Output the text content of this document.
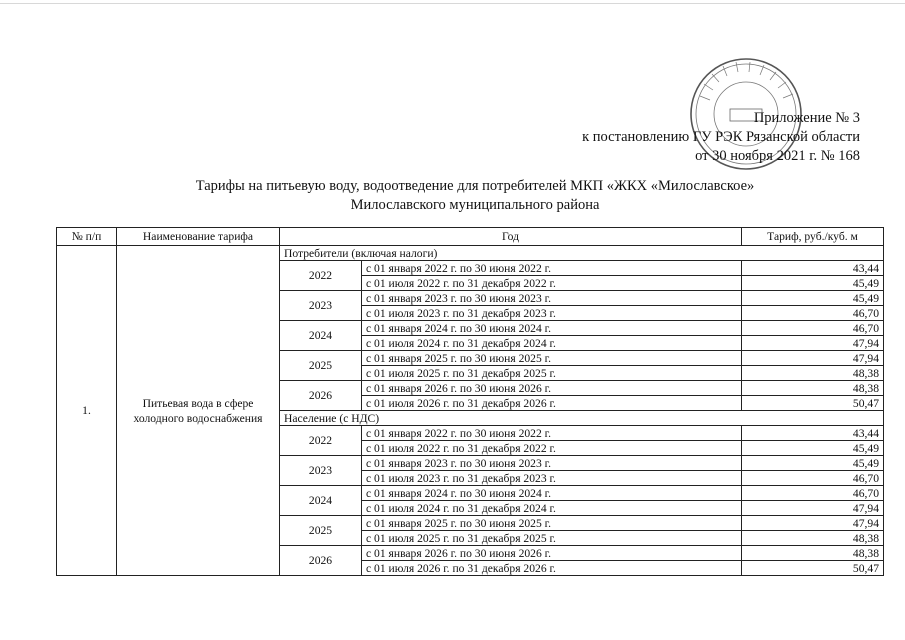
Приложение № 3
к постановлению ГУ РЭК Рязанской области
от 30 ноября 2021 г. № 168
Тарифы на питьевую воду, водоотведение для потребителей МКП «ЖКХ «Милославское»
Милославского муниципального района
№ п/п	Наименование тарифа	Год		Тариф, руб./куб. м
1.	Питьевая вода в сфере холодного водоснабжения	Потребители (включая налоги)		
		2022	с 01 января 2022 г. по 30 июня 2022 г.	43,44
			с 01 июля 2022 г. по 31 декабря 2022 г.	45,49
		2023	с 01 января 2023 г. по 30 июня 2023 г.	45,49
			с 01 июля 2023 г. по 31 декабря 2023 г.	46,70
		2024	с 01 января 2024 г. по 30 июня 2024 г.	46,70
			с 01 июля 2024 г. по 31 декабря 2024 г.	47,94
		2025	с 01 января 2025 г. по 30 июня 2025 г.	47,94
			с 01 июля 2025 г. по 31 декабря 2025 г.	48,38
		2026	с 01 января 2026 г. по 30 июня 2026 г.	48,38
			с 01 июля 2026 г. по 31 декабря 2026 г.	50,47
		Население (с НДС)		
		2022	с 01 января 2022 г. по 30 июня 2022 г.	43,44
			с 01 июля 2022 г. по 31 декабря 2022 г.	45,49
		2023	с 01 января 2023 г. по 30 июня 2023 г.	45,49
			с 01 июля 2023 г. по 31 декабря 2023 г.	46,70
		2024	с 01 января 2024 г. по 30 июня 2024 г.	46,70
			с 01 июля 2024 г. по 31 декабря 2024 г.	47,94
		2025	с 01 января 2025 г. по 30 июня 2025 г.	47,94
			с 01 июля 2025 г. по 31 декабря 2025 г.	48,38
		2026	с 01 января 2026 г. по 30 июня 2026 г.	48,38
			с 01 июля 2026 г. по 31 декабря 2026 г.	50,47
